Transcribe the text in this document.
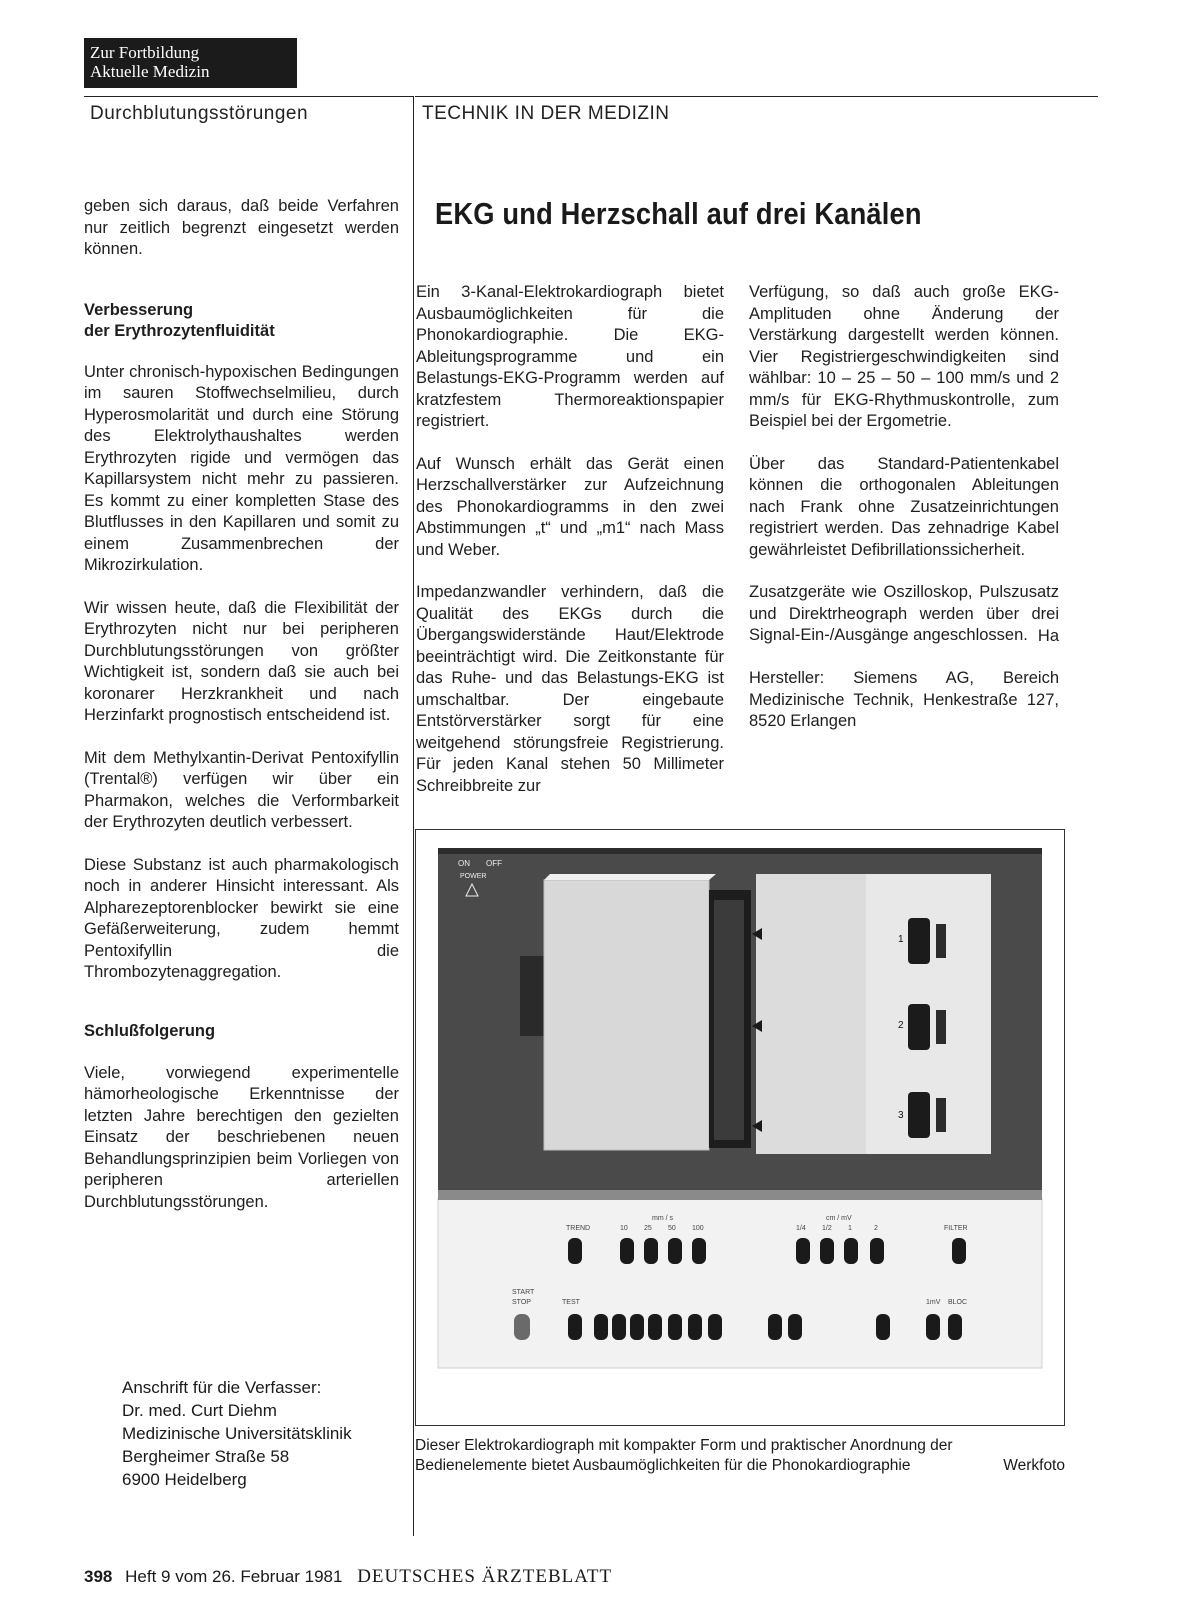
Zur Fortbildung
Aktuelle Medizin
Durchblutungsstörungen	TECHNIK IN DER MEDIZIN

geben sich daraus, daß beide Verfahren nur zeitlich begrenzt eingesetzt werden können.

Verbesserung
der Erythrozytenfluidität

Unter chronisch-hypoxischen Bedingungen im sauren Stoffwechselmilieu, durch Hyperosmolarität und durch eine Störung des Elektrolythaushaltes werden Erythrozyten rigide und vermögen das Kapillarsystem nicht mehr zu passieren. Es kommt zu einer kompletten Stase des Blutflusses in den Kapillaren und somit zu einem Zusammenbrechen der Mikrozirkulation.

Wir wissen heute, daß die Flexibilität der Erythrozyten nicht nur bei peripheren Durchblutungsstörungen von größter Wichtigkeit ist, sondern daß sie auch bei koronarer Herzkrankheit und nach Herzinfarkt prognostisch entscheidend ist.

Mit dem Methylxantin-Derivat Pentoxifyllin (Trental®) verfügen wir über ein Pharmakon, welches die Verformbarkeit der Erythrozyten deutlich verbessert.

Diese Substanz ist auch pharmakologisch noch in anderer Hinsicht interessant. Als Alpharezeptorenblocker bewirkt sie eine Gefäßerweiterung, zudem hemmt Pentoxifyllin die Thrombozytenaggregation.

Schlußfolgerung

Viele, vorwiegend experimentelle hämorheologische Erkenntnisse der letzten Jahre berechtigen den gezielten Einsatz der beschriebenen neuen Behandlungsprinzipien beim Vorliegen von peripheren arteriellen Durchblutungsstörungen.

Anschrift für die Verfasser:
Dr. med. Curt Diehm
Medizinische Universitätsklinik
Bergheimer Straße 58
6900 Heidelberg
EKG und Herzschall auf drei Kanälen

Ein 3-Kanal-Elektrokardiograph bietet Ausbaumöglichkeiten für die Phonokardiographie. Die EKG-Ableitungsprogramme und ein Belastungs-EKG-Programm werden auf kratzfestem Thermoreaktionspapier registriert.

Auf Wunsch erhält das Gerät einen Herzschallverstärker zur Aufzeichnung des Phonokardiogramms in den zwei Abstimmungen „t“ und „m1“ nach Mass und Weber.

Impedanzwandler verhindern, daß die Qualität des EKGs durch die Übergangswiderstände Haut/Elektrode beeinträchtigt wird. Die Zeitkonstante für das Ruhe- und das Belastungs-EKG ist umschaltbar. Der eingebaute Entstörverstärker sorgt für eine weitgehend störungsfreie Registrierung. Für jeden Kanal stehen 50 Millimeter Schreibbreite zur

Verfügung, so daß auch große EKG-Amplituden ohne Änderung der Verstärkung dargestellt werden können. Vier Registriergeschwindigkeiten sind wählbar: 10 – 25 – 50 – 100 mm/s und 2 mm/s für EKG-Rhythmuskontrolle, zum Beispiel bei der Ergometrie.

Über das Standard-Patientenkabel können die orthogonalen Ableitungen nach Frank ohne Zusatzeinrichtungen registriert werden. Das zehnadrige Kabel gewährleistet Defibrillationssicherheit.

Zusatzgeräte wie Oszilloskop, Pulszusatz und Direktrheograph werden über drei Signal-Ein-/Ausgänge angeschlossen. Ha

Hersteller: Siemens AG, Bereich Medizinische Technik, Henkestraße 127, 8520 Erlangen

1
2
3
ON OFF
POWER
TREND
mm / s	cm / mV
FILTER
START
STOP	TEST	1mV BLOC
10 25 50 100	1/4 1/2 1	2
Dieser Elektrokardiograph mit kompakter Form und praktischer Anordnung der
Bedienelemente bietet Ausbaumöglichkeiten für die Phonokardiographie	Werkfoto
398 Heft 9 vom 26. Februar 1981 DEUTSCHES ÄRZTEBLATT
